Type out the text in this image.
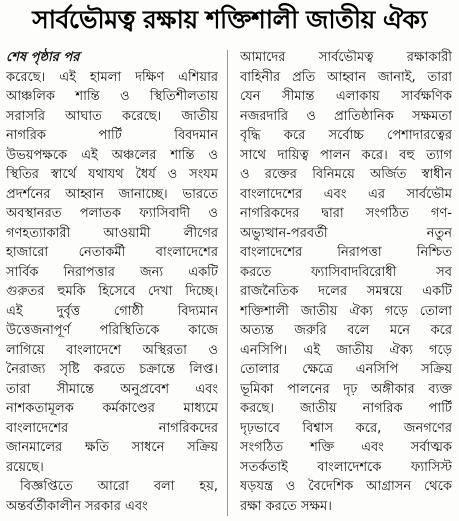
সার্বভৌমত্ব রক্ষায় শক্তিশালী জাতীয় ঐক্য
শেষ পৃষ্ঠার পর
করেছে। এই হামলা দক্ষিণ এশিয়ার
আঞ্চলিক শান্তি ও স্থিতিশীলতায়
সরাসরি আঘাত করেছে। জাতীয়
নাগরিক পার্টি বিবদমান
উভয়পক্ষকে এই অঞ্চলের শান্তি ও
স্থিতির স্বার্থে যথাযথ ধৈর্য ও সংযম
প্রদর্শনের আহ্বান জানাচ্ছে। ভারতে
অবস্থানরত পলাতক ফ্যাসিবাদী ও
গণহত্যাকারী আওয়ামী লীগের
হাজারো নেতাকর্মী বাংলাদেশের
সার্বিক নিরাপত্তার জন্য একটি
গুরুতর হুমকি হিসেবে দেখা দিচ্ছে।
এই দুর্বৃত্ত গোষ্ঠী বিদ্যমান
উত্তেজনাপূর্ণ পরিস্থিতিকে কাজে
লাগিয়ে বাংলাদেশে অস্থিরতা ও
নৈরাজ্য সৃষ্টি করতে চক্রান্তে লিপ্ত।
তারা সীমান্তে অনুপ্রবেশ এবং
নাশকতামূলক কর্মকাণ্ডের মাধ্যমে
বাংলাদেশের নাগরিকদের
জানমালের ক্ষতি সাধনে সক্রিয়
রয়েছে।
বিজ্ঞপ্তিতে আরো বলা হয়,
অন্তর্বর্তীকালীন সরকার এবং
আমাদের সার্বভৌমত্ব রক্ষাকারী
বাহিনীর প্রতি আহ্বান জানাই, তারা
যেন সীমান্ত এলাকায় সার্বক্ষণিক
নজরদারি ও প্রাতিষ্ঠানিক সক্ষমতা
বৃদ্ধি করে সর্বোচ্চ পেশাদারত্বের
সাথে দায়িত্ব পালন করে। বহু ত্যাগ
ও রক্তের বিনিময়ে অর্জিত স্বাধীন
বাংলাদেশের এবং এর সার্বভৌম
নাগরিকদের দ্বারা সংগঠিত গণ-
অভ্যুত্থান-পরবর্তী নতুন
বাংলাদেশের নিরাপত্তা নিশ্চিত
করতে ফ্যাসিবাদবিরোধী সব
রাজনৈতিক দলের সমন্বয়ে একটি
শক্তিশালী জাতীয় ঐক্য গড়ে তোলা
অত্যন্ত জরুরি বলে মনে করে
এনসিপি। এই জাতীয় ঐক্য গড়ে
তোলার ক্ষেত্রে এনসিপি সক্রিয়
ভূমিকা পালনের দৃঢ় অঙ্গীকার ব্যক্ত
করছে। জাতীয় নাগরিক পার্টি
দৃঢ়ভাবে বিশ্বাস করে, জনগণের
সংগঠিত শক্তি এবং সর্বাত্মক
সতর্কতাই বাংলাদেশকে ফ্যাসিস্ট
ষড়যন্ত্র ও বৈদেশিক আগ্রাসন থেকে
রক্ষা করতে সক্ষম।
